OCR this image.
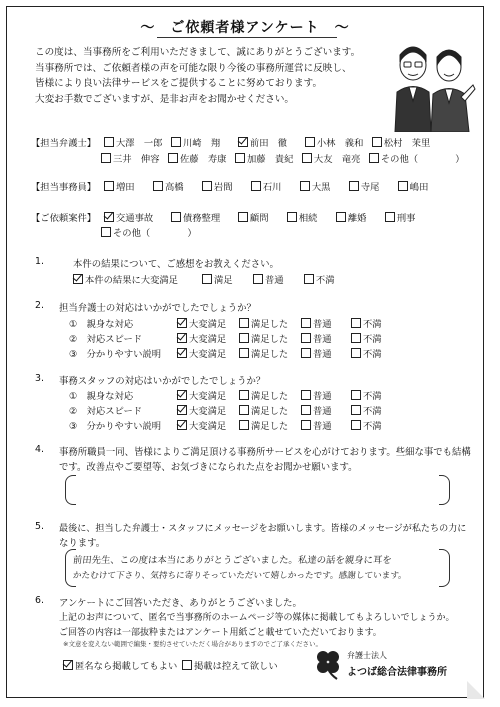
〜　ご依頼者様アンケート　〜
この度は、当事務所をご利用いただきまして、誠にありがとうございます。
当事務所では、ご依頼者様の声を可能な限り今後の事務所運営に反映し、
皆様により良い法律サービスをご提供することに努めております。
大変お手数でございますが、是非お声をお聞かせください。
【担当弁護士】 大澤　一郎 川崎　翔	前田　徹	小林　義和 松村　茉里
三井　伸容 佐藤　寿康 加藤　貴紀 大友　竜亮 その他（　　　　）
【担当事務員】 増田	高橋	岩間	石川	大黒	寺尾	嶋田
【ご依頼案件】 交通事故	債務整理	顧問	相続	離婚	刑事
その他（　　　　）
1.	本件の結果について、ご感想をお教えください。
本件の結果に大変満足	満足	普通	不満
2. 担当弁護士の対応はいかがでしたでしょうか？
①　親身な対応	大変満足	満足した	普通	不満
②　対応スピード	大変満足	満足した	普通	不満
③　分かりやすい説明	大変満足	満足した	普通	不満
3. 事務スタッフの対応はいかがでしたでしょうか？
①　親身な対応	大変満足	満足した	普通	不満
②　対応スピード	大変満足	満足した	普通	不満
③　分かりやすい説明	大変満足	満足した	普通	不満
4. 事務所職員一同、皆様によりご満足頂ける事務所サービスを心がけております。些細な事でも結構
です。改善点やご要望等、お気づきになられた点をお聞かせ願います。
5. 最後に、担当した弁護士・スタッフにメッセージをお願いします。皆様のメッセージが私たちの力に
なります。
前田先生、この度は本当にありがとうございました。私達の話を親身に耳を
かたむけて下さり、気持ちに寄りそっていただいて嬉しかったです。感謝しています。
6. アンケートにご回答いただき、ありがとうございました。
上記のお声について、匿名で当事務所のホームページ等の媒体に掲載してもよろしいでしょうか。
ご回答の内容は一部抜粋またはアンケート用紙ごと載せていただいております。
※文意を変えない範囲で編集・要約させていただく場合がありますのでご了承ください。
匿名なら掲載してもよい 掲載は控えて欲しい
弁護士法人
よつば総合法律事務所
